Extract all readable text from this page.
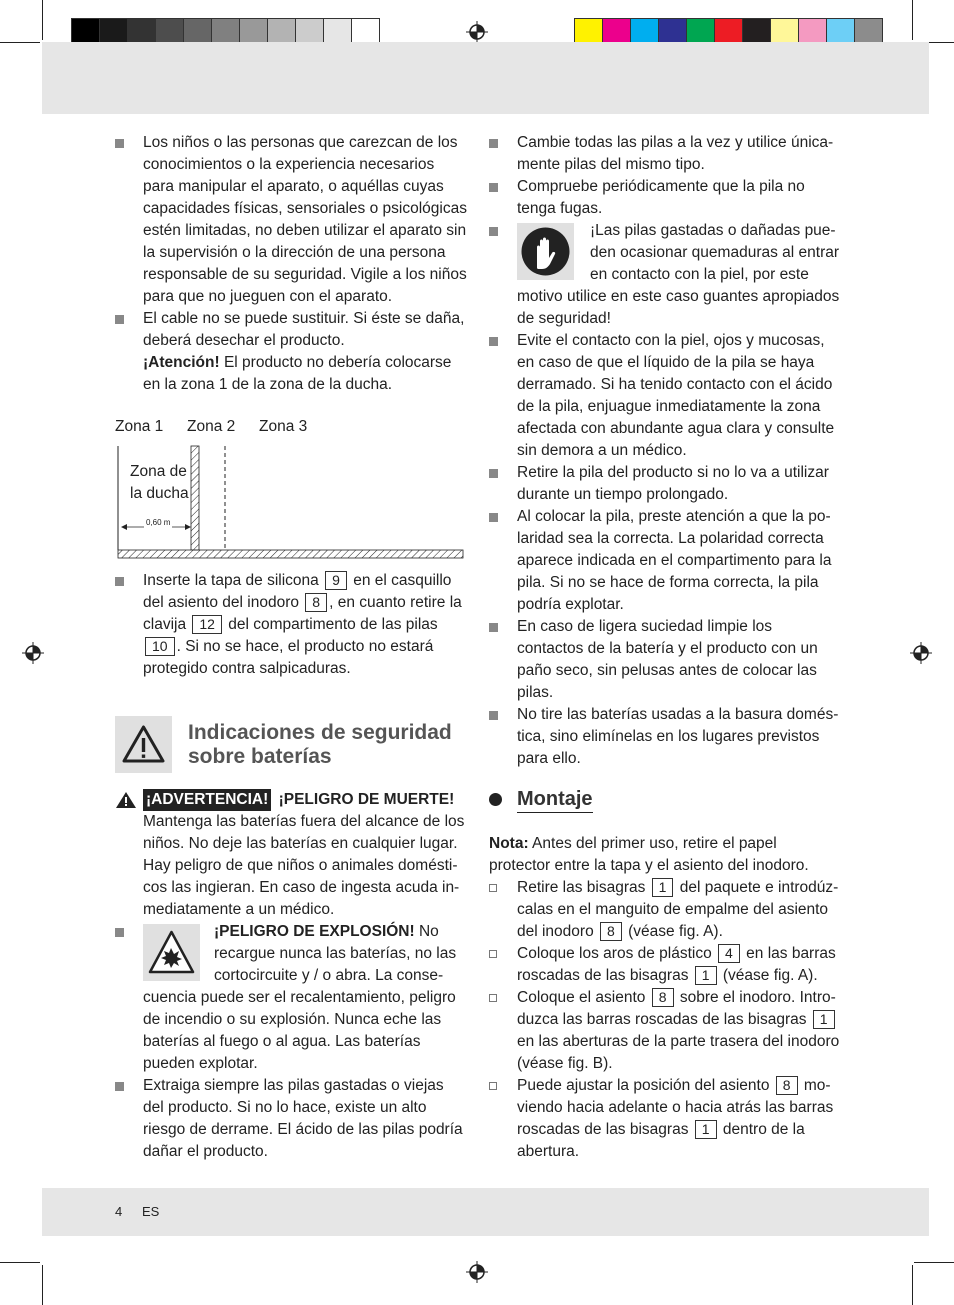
4 ES
Los niños o las personas que carezcan de los conocimientos o la experiencia necesarios para manipular el aparato, o aquéllas cuyas capacidades físicas, sensoriales o psicológicas estén limitadas, no deben utilizar el aparato sin la supervisión o la dirección de una persona responsable de su seguridad. Vigile a los niños para que no jueguen con el aparato.
El cable no se puede sustituir. Si éste se daña, deberá desechar el producto.
¡Atención! El producto no debería colocarse en la zona 1 de la zona de la ducha.
Zona 1 Zona 2 Zona 3
Zona de
la ducha
0,60 m
Inserte la tapa de silicona 9 en el casquillo del asiento del inodoro 8 , en cuanto retire la clavija 12 del compartimento de las pilas 10 . Si no se hace, el producto no estará protegido contra salpicaduras.
Indicaciones de seguridad
sobre baterías
¡ADVERTENCIA! ¡PELIGRO DE MUERTE!
Mantenga las baterías fuera del alcance de los niños. No deje las baterías en cualquier lugar. Hay peligro de que niños o animales domésti-cos las ingieran. En caso de ingesta acuda in-mediatamente a un médico.
¡PELIGRO DE EXPLOSIÓN! No recargue nunca las baterías, no las cortocircuite y / o abra. La conse-cuencia puede ser el recalentamiento, peligro de incendio o su explosión. Nunca eche las baterías al fuego o al agua. Las baterías pueden explotar.
Extraiga siempre las pilas gastadas o viejas del producto. Si no lo hace, existe un alto riesgo de derrame. El ácido de las pilas podría dañar el producto.
Cambie todas las pilas a la vez y utilice única-mente pilas del mismo tipo.
Compruebe periódicamente que la pila no tenga fugas.
¡Las pilas gastadas o dañadas pue-den ocasionar quemaduras al entrar en contacto con la piel, por este motivo utilice en este caso guantes apropiados de seguridad!
Evite el contacto con la piel, ojos y mucosas, en caso de que el líquido de la pila se haya derramado. Si ha tenido contacto con el ácido de la pila, enjuague inmediatamente la zona afectada con abundante agua clara y consulte sin demora a un médico.
Retire la pila del producto si no lo va a utilizar durante un tiempo prolongado.
Al colocar la pila, preste atención a que la po-laridad sea la correcta. La polaridad correcta aparece indicada en el compartimento para la pila. Si no se hace de forma correcta, la pila podría explotar.
En caso de ligera suciedad limpie los contactos de la batería y el producto con un paño seco, sin pelusas antes de colocar las pilas.
No tire las baterías usadas a la basura domés-tica, sino elimínelas en los lugares previstos para ello.
Montaje
Nota: Antes del primer uso, retire el papel protector entre la tapa y el asiento del inodoro.
Retire las bisagras 1 del paquete e introdúz-calas en el manguito de empalme del asiento del inodoro 8 (véase fig. A).
Coloque los aros de plástico 4 en las barras roscadas de las bisagras 1 (véase fig. A).
Coloque el asiento 8 sobre el inodoro. Intro-duzca las barras roscadas de las bisagras 1 en las aberturas de la parte trasera del inodoro (véase fig. B).
Puede ajustar la posición del asiento 8 mo-viendo hacia adelante o hacia atrás las barras roscadas de las bisagras 1 dentro de la abertura.
